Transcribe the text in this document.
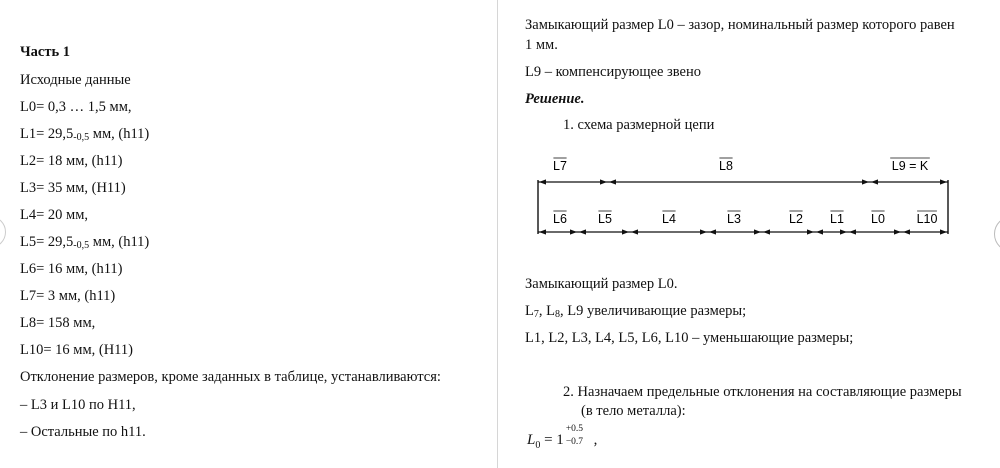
Часть 1
Исходные данные
L0= 0,3 … 1,5 мм,
$L1= 29,5_{-0,5}$ мм, (h11)
L2= 18 мм, (h11)
L3= 35 мм, (H11)
L4= 20 мм,
$L5= 29,5_{-0,5}$ мм, (h11)
L6= 16 мм, (h11)
L7= 3 мм, (h11)
L8= 158 мм,
L10= 16 мм, (H11)
Отклонение размеров, кроме заданных в таблице, устанавливаются:
– L3 и L10 по H11,
– Остальные по h11.
Замыкающий размер L0 – зазор, номинальный размер которого равен
1 мм.
L9 – компенсирующее звено
Решение.
1. схема размерной цепи
L7	L8	L9 = K
L6 L5	L4	L3	L2 L1 L0	L10
Замыкающий размер L0.
$L_7$, $L_8$, L9 увеличивающие размеры;
L1, L2, L3, L4, L5, L6, L10 – уменьшающие размеры;
2. Назначаем предельные отклонения на составляющие размеры
(в тело металла):
$L_0 = 1$
+0.5
−0.7 ,
